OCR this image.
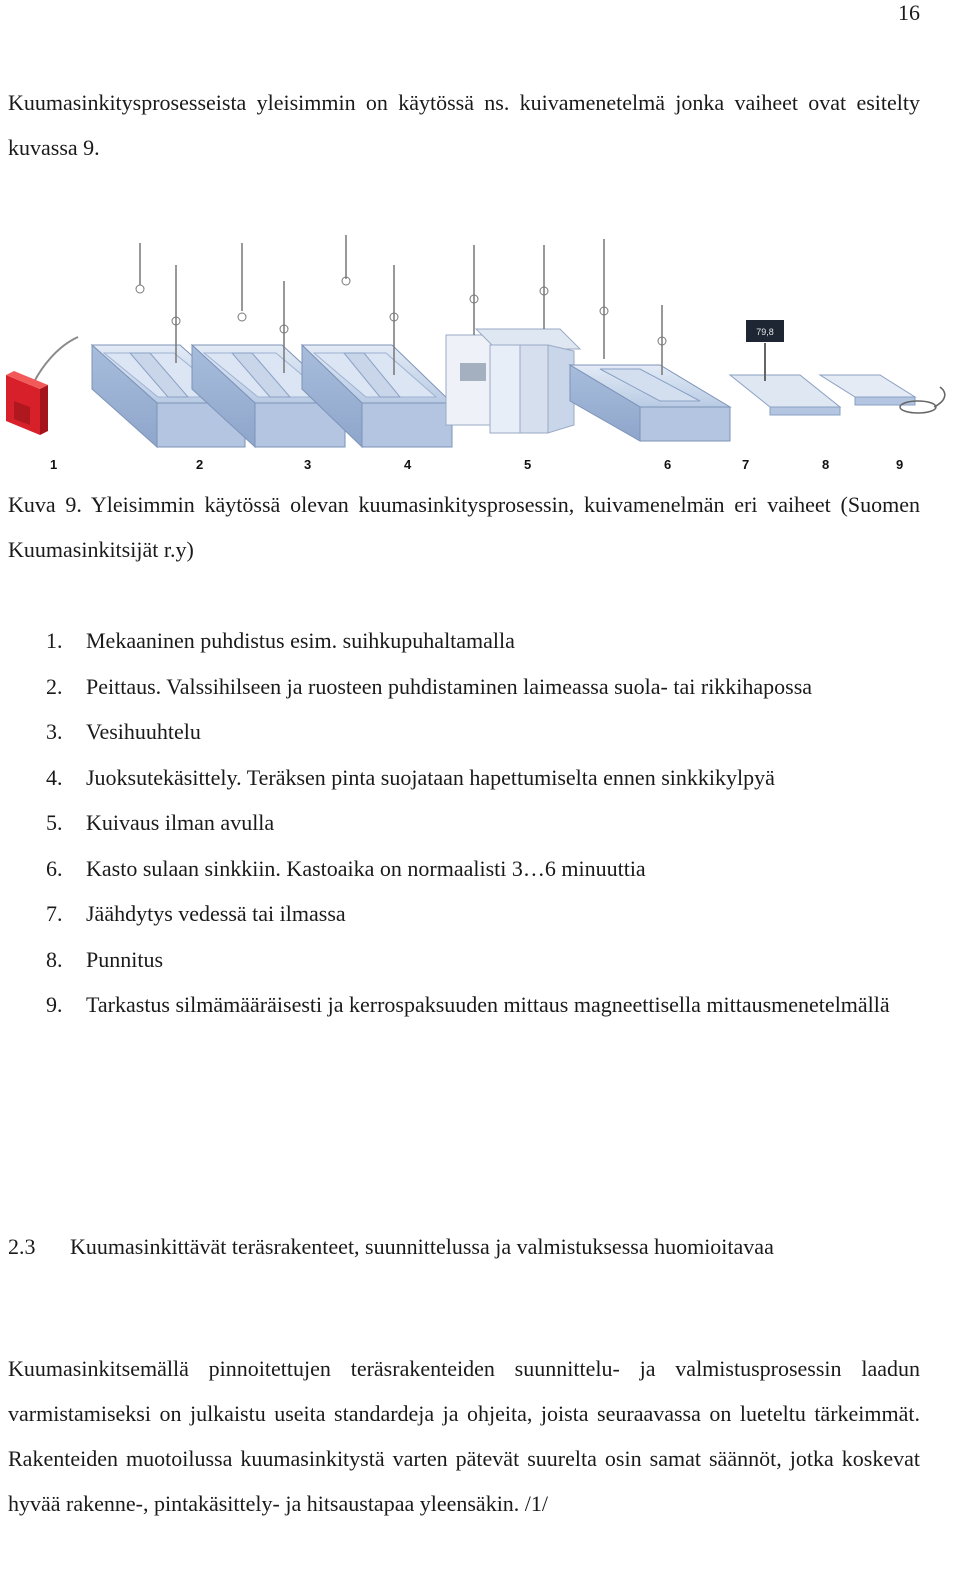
16

Kuumasinkitysprosesseista yleisimmin on käytössä ns. kuivamenetelmä jonka vaiheet ovat esitelty kuvassa 9.

79,8
1	2	3	4	5	6	7	8	9

Kuva 9. Yleisimmin käytössä olevan kuumasinkitysprosessin, kuivamenelmän eri vaiheet (Suomen Kuumasinkitsijät r.y)

1. Mekaaninen puhdistus esim. suihkupuhaltamalla
2. Peittaus. Valssihilseen ja ruosteen puhdistaminen laimeassa suola- tai rikkihapossa
3. Vesihuuhtelu
4. Juoksutekäsittely. Teräksen pinta suojataan hapettumiselta ennen sinkkikylpyä
5. Kuivaus ilman avulla
6. Kasto sulaan sinkkiin. Kastoaika on normaalisti 3…6 minuuttia
7. Jäähdytys vedessä tai ilmassa
8. Punnitus
9. Tarkastus silmämääräisesti ja kerrospaksuuden mittaus magneettisella mittausmenetelmällä
2.3 Kuumasinkittävät teräsrakenteet, suunnittelussa ja valmistuksessa huomioitavaa

Kuumasinkitsemällä pinnoitettujen teräsrakenteiden suunnittelu- ja valmistusprosessin laadun varmistamiseksi on julkaistu useita standardeja ja ohjeita, joista seuraavassa on lueteltu tärkeimmät. Rakenteiden muotoilussa kuumasinkitystä varten pätevät suurelta osin samat säännöt, jotka koskevat hyvää rakenne-, pintakäsittely- ja hitsaustapaa yleensäkin. /1/
